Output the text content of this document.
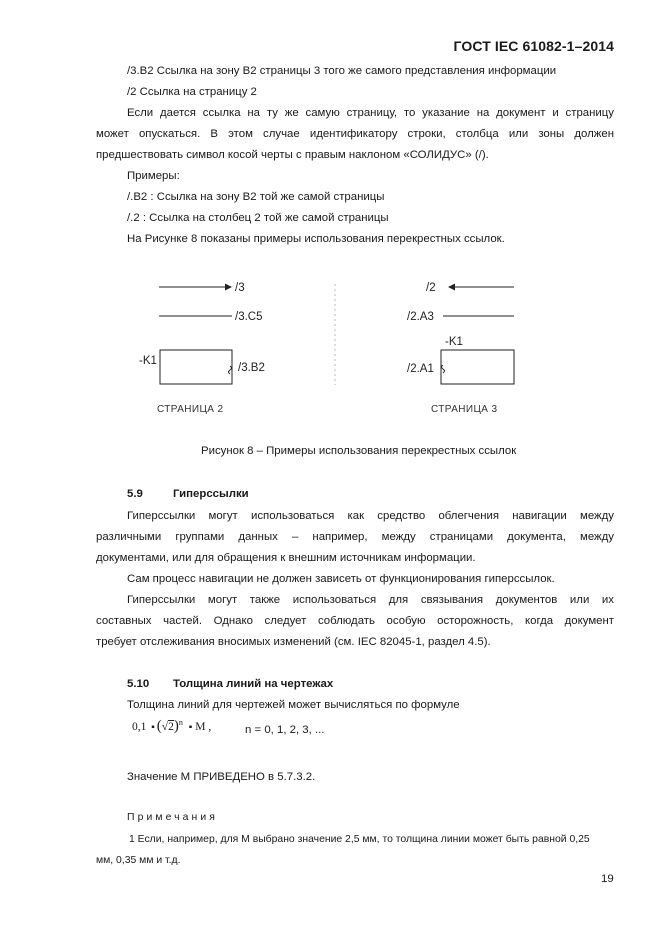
ГОСТ IEC 61082-1–2014
/3.B2 Ссылка на зону B2 страницы 3 того же самого представления информации
/2 Ссылка на страницу 2
Если дается ссылка на ту же самую страницу, то указание на документ и страницу
может опускаться. В этом случае идентификатору строки, столбца или зоны должен
предшествовать символ косой черты с правым наклоном «СОЛИДУС» (/).
Примеры:
/.B2 : Ссылка на зону B2 той же самой страницы
/.2 : Ссылка на столбец 2 той же самой страницы
На Рисунке 8 показаны примеры использования перекрестных ссылок.
/3
/3.C5
-K1
/3.B2
/2
/2.A3
-K1
/2.A1
СТРАНИЦА 2	СТРАНИЦА 3
Рисунок 8 – Примеры использования перекрестных ссылок
5.9	Гиперссылки
Гиперссылки могут использоваться как средство облегчения навигации между
различными группами данных – например, между страницами документа, между
документами, или для обращения к внешним источникам информации.
Сам процесс навигации не должен зависеть от функционирования гиперссылок.
Гиперссылки могут также использоваться для связывания документов или их
составных частей. Однако следует соблюдать особую осторожность, когда документ
требует отслеживания вносимых изменений (см. IEC 82045-1, раздел 4.5).
5.10 Толщина линий на чертежах
Толщина линий для чертежей может вычисляться по формуле
0,1 ▪ $(√2)^n$ ▪ M ,	n = 0, 1, 2, 3, ...
Значение M ПРИВЕДЕНО в 5.7.3.2.
Примечания
1 Если, например, для M выбрано значение 2,5 мм, то толщина линии может быть равной 0,25
мм, 0,35 мм и т.д.
19
